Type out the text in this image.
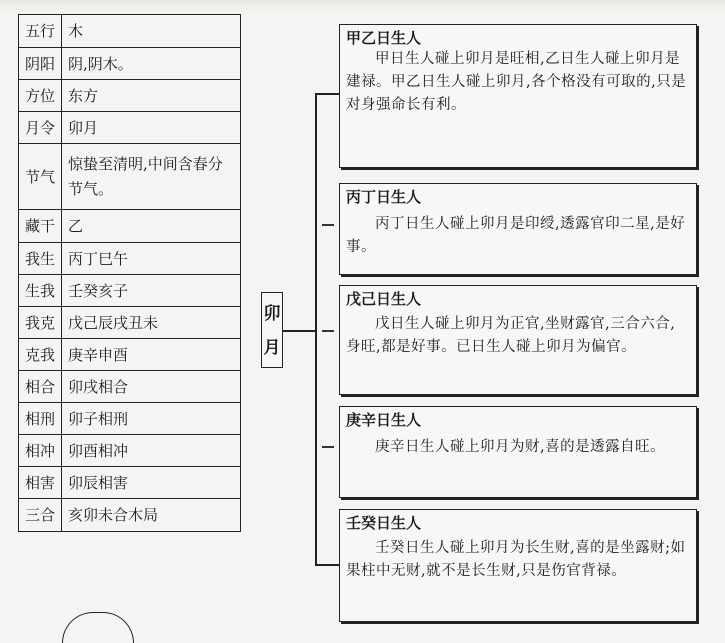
五行	木
阴阳	阴,阴木。
方位	东方
月令	卯月
节气	惊蛰至清明,中间含春分节气。
藏干	乙
我生	丙丁巳午
生我	壬癸亥子
我克	戊己辰戌丑未
克我	庚辛申酉
相合	卯戌相合
相刑	卯子相刑
相冲	卯酉相冲
相害	卯辰相害
三合	亥卯未合木局
卯
月
甲乙日生人
甲日生人碰上卯月是旺相,乙日生人碰上卯月是建禄。甲乙日生人碰上卯月,各个格没有可取的,只是对身强命长有利。
丙丁日生人
丙丁日生人碰上卯月是印绶,透露官印二星,是好事。
戊己日生人
戊日生人碰上卯月为正官,坐财露官,三合六合,身旺,都是好事。已日生人碰上卯月为偏官。
庚辛日生人
庚辛日生人碰上卯月为财,喜的是透露自旺。
壬癸日生人
壬癸日生人碰上卯月为长生财,喜的是坐露财;如果柱中无财,就不是长生财,只是伤官背禄。
